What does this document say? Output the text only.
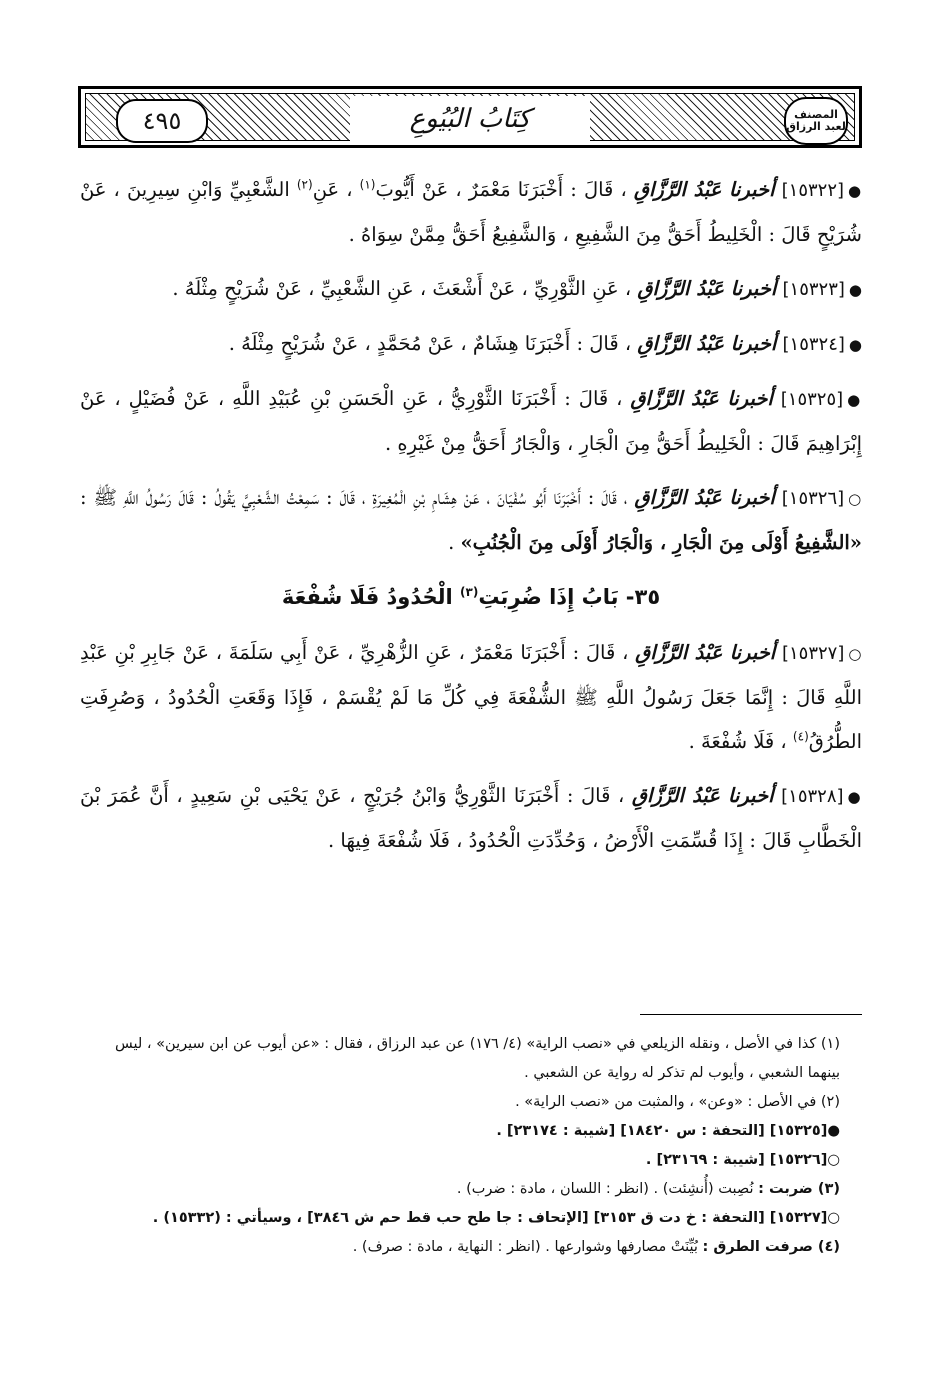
٤٩٥	كِتَابُ البُيُوعِ	المصنف لعبد الرزاق

●[١٥٣٢٢] أخبرنا عَبْدُ الرَّزَّاقِ ، قَالَ : أَخْبَرَنَا مَعْمَرٌ ، عَنْ أَيُّوبَ$^{(١)}$ ، عَنِ$^{(٢)}$ الشَّعْبِيِّ وَابْنِ سِيرِينَ ، عَنْ شُرَيْحٍ قَالَ : الْخَلِيطُ أَحَقُّ مِنَ الشَّفِيعِ ، وَالشَّفِيعُ أَحَقُّ مِمَّنْ سِوَاهُ .

●[١٥٣٢٣] أخبرنا عَبْدُ الرَّزَّاقِ ، عَنِ الثَّوْرِيِّ ، عَنْ أَشْعَثَ ، عَنِ الشَّعْبِيِّ ، عَنْ شُرَيْحٍ مِثْلَهُ .

●[١٥٣٢٤] أخبرنا عَبْدُ الرَّزَّاقِ ، قَالَ : أَخْبَرَنَا هِشَامٌ ، عَنْ مُحَمَّدٍ ، عَنْ شُرَيْحٍ مِثْلَهُ .

●[١٥٣٢٥] أخبرنا عَبْدُ الرَّزَّاقِ ، قَالَ : أَخْبَرَنَا الثَّوْرِيُّ ، عَنِ الْحَسَنِ بْنِ عُبَيْدِ اللَّهِ ، عَنْ فُضَيْلٍ ، عَنْ إِبْرَاهِيمَ قَالَ : الْخَلِيطُ أَحَقُّ مِنَ الْجَارِ ، وَالْجَارُ أَحَقُّ مِنْ غَيْرِهِ .

○[١٥٣٢٦] أخبرنا عَبْدُ الرَّزَّاقِ ، قَالَ : أَخْبَرَنَا أَبُو سُفْيَانَ ، عَنْ هِشَامِ بْنِ الْمُغِيرَةِ ، قَالَ : سَمِعْتُ الشَّعْبِيَّ يَقُولُ : قَالَ رَسُولُ اللَّهِ ﷺ : «الشَّفِيعُ أَوْلَى مِنَ الْجَارِ ، وَالْجَارُ أَوْلَى مِنَ الْجُنُبِ» .

٣٥- بَابُ إِذَا ضُرِبَتِ$^{(٣)}$ الْحُدُودُ فَلَا شُفْعَةَ

○[١٥٣٢٧] أخبرنا عَبْدُ الرَّزَّاقِ ، قَالَ : أَخْبَرَنَا مَعْمَرٌ ، عَنِ الزُّهْرِيِّ ، عَنْ أَبِي سَلَمَةَ ، عَنْ جَابِرِ بْنِ عَبْدِ اللَّهِ قَالَ : إِنَّمَا جَعَلَ رَسُولُ اللَّهِ ﷺ الشُّفْعَةَ فِي كُلِّ مَا لَمْ يُقْسَمْ ، فَإِذَا وَقَعَتِ الْحُدُودُ ، وَصُرِفَتِ الطُّرُقُ$^{(٤)}$ ، فَلَا شُفْعَةَ .

●[١٥٣٢٨] أخبرنا عَبْدُ الرَّزَّاقِ ، قَالَ : أَخْبَرَنَا الثَّوْرِيُّ وَابْنُ جُرَيْجٍ ، عَنْ يَحْيَى بْنِ سَعِيدٍ ، أَنَّ عُمَرَ بْنَ الْخَطَّابِ قَالَ : إِذَا قُسِّمَتِ الْأَرْضُ ، وَحُدِّدَتِ الْحُدُودُ ، فَلَا شُفْعَةَ فِيهَا .

(١) كذا في الأصل ، ونقله الزيلعي في «نصب الراية» (٤/ ١٧٦) عن عبد الرزاق ، فقال : «عن أيوب عن ابن سيرين» ، ليس بينهما الشعبي ، وأيوب لم تذكر له رواية عن الشعبي .

(٢) في الأصل : «وعن» ، والمثبت من «نصب الراية» .

●[١٥٣٢٥] [التحفة : س ١٨٤٢٠] [شيبة : ٢٣١٧٤] .

○[١٥٣٢٦] [شيبة : ٢٣١٦٩] .

(٣) ضربت : نُصِبت (أُنشِئت) . (انظر : اللسان ، مادة : ضرب) .

○[١٥٣٢٧] [التحفة : خ دت ق ٣١٥٣] [الإتحاف : جا طح حب قط حم ش ٣٨٤٦] ، وسيأتي : (١٥٣٣٢) .

(٤) صرفت الطرق : بُيِّنَتْ مصارفها وشوارعها . (انظر : النهاية ، مادة : صرف) .
